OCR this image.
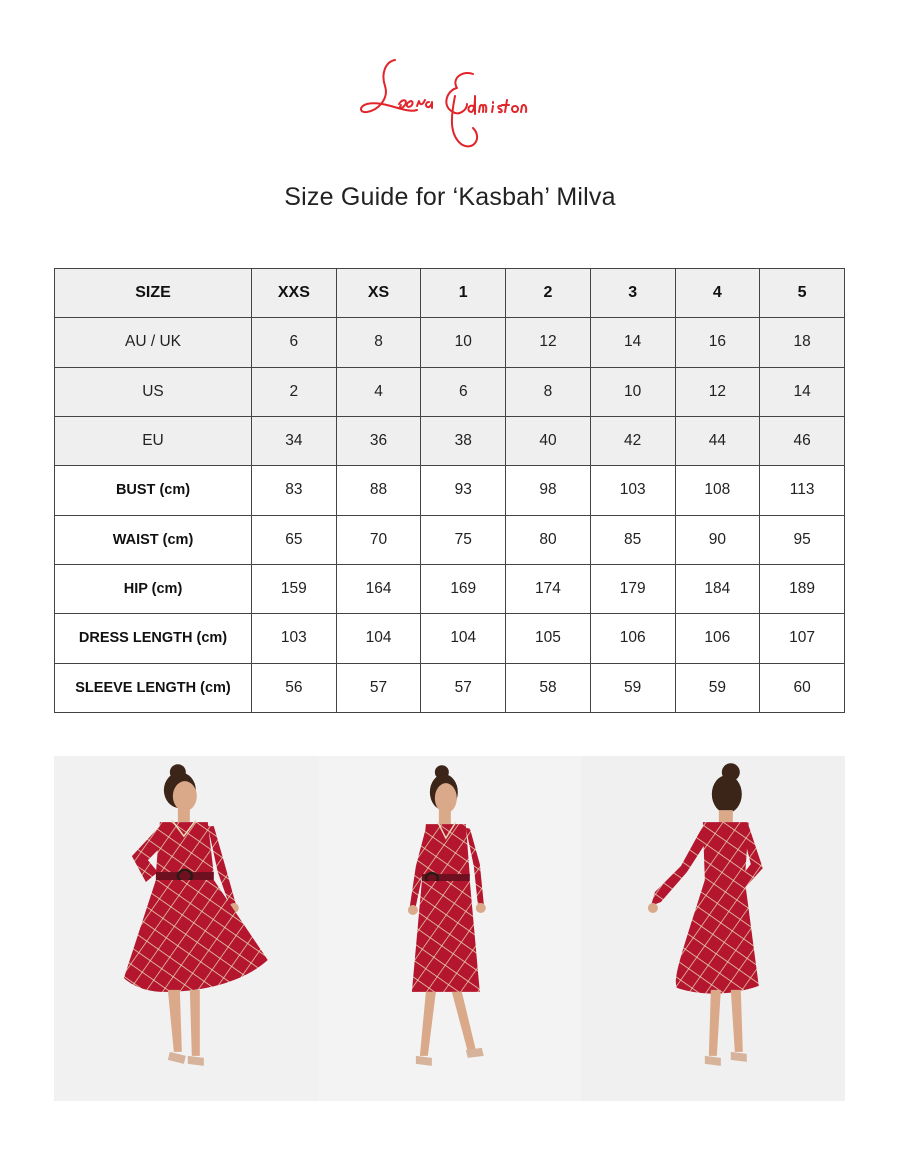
Size Guide for ‘Kasbah’ Milva
SIZE	XXS	XS	1	2	3	4	5
AU / UK	6	8	10	12	14	16	18
US	2	4	6	8	10	12	14
EU	34	36	38	40	42	44	46
BUST (cm)	83	88	93	98	103	108	113
WAIST (cm)	65	70	75	80	85	90	95
HIP (cm)	159	164	169	174	179	184	189
DRESS LENGTH (cm)	103	104	104	105	106	106	107
SLEEVE LENGTH (cm)	56	57	57	58	59	59	60
